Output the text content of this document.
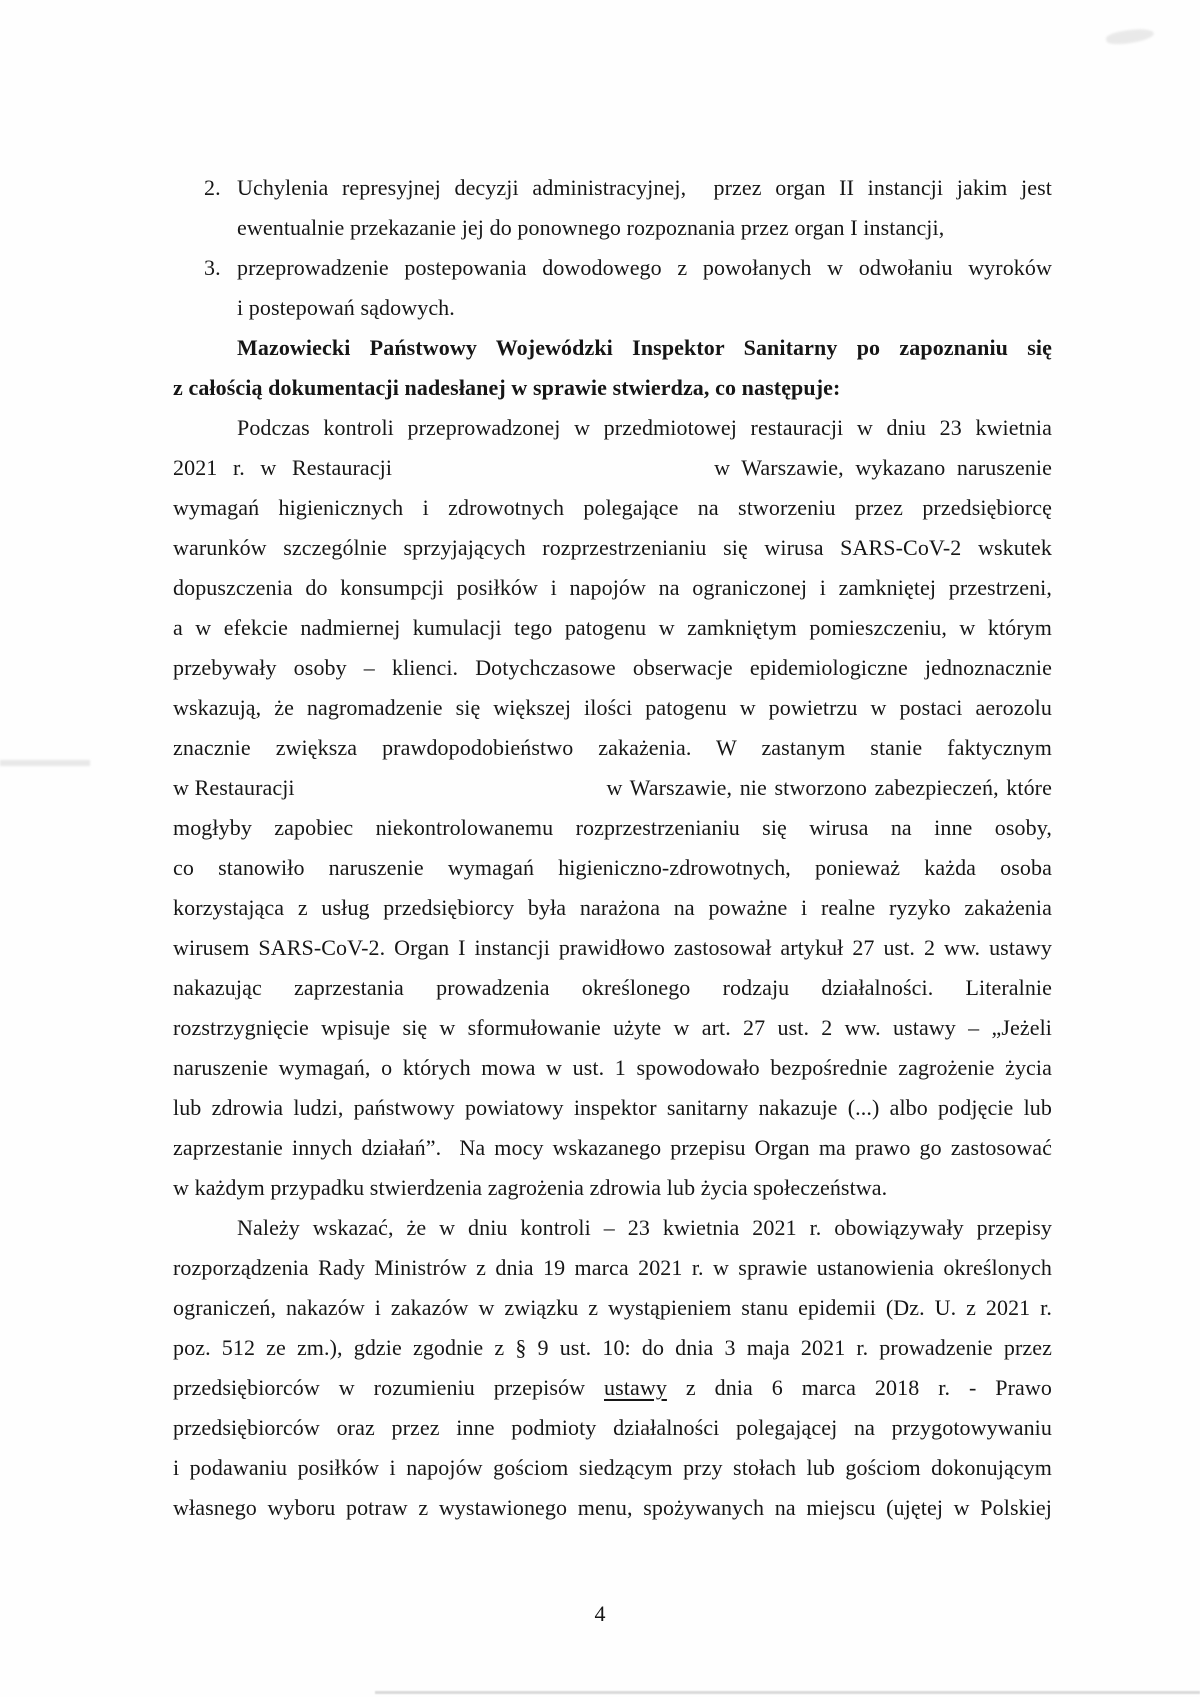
2. Uchylenia represyjnej decyzji administracyjnej,  przez organ II instancji jakim jest
ewentualnie przekazanie jej do ponownego rozpoznania przez organ I instancji,
3. przeprowadzenie postepowania dowodowego z powołanych w odwołaniu wyroków
i postepowań sądowych.
Mazowiecki Państwowy Wojewódzki Inspektor Sanitarny po zapoznaniu się
z całością dokumentacji nadesłanej w sprawie stwierdza, co następuje:
Podczas kontroli przeprowadzonej w przedmiotowej restauracji w dniu 23 kwietnia
2021 r. w Restauracji	w Warszawie, wykazano naruszenie
wymagań higienicznych i zdrowotnych polegające na stworzeniu przez przedsiębiorcę
warunków szczególnie sprzyjających rozprzestrzenianiu się wirusa SARS-CoV-2 wskutek
dopuszczenia do konsumpcji posiłków i napojów na ograniczonej i zamkniętej przestrzeni,
a w efekcie nadmiernej kumulacji tego patogenu w zamkniętym pomieszczeniu, w którym
przebywały osoby – klienci. Dotychczasowe obserwacje epidemiologiczne jednoznacznie
wskazują, że nagromadzenie się większej ilości patogenu w powietrzu w postaci aerozolu
znacznie zwiększa prawdopodobieństwo zakażenia. W zastanym stanie faktycznym
w Restauracji	w Warszawie, nie stworzono zabezpieczeń, które
mogłyby zapobiec niekontrolowanemu rozprzestrzenianiu się wirusa na inne osoby,
co stanowiło naruszenie wymagań higieniczno-zdrowotnych, ponieważ każda osoba
korzystająca z usług przedsiębiorcy była narażona na poważne i realne ryzyko zakażenia
wirusem SARS-CoV-2. Organ I instancji prawidłowo zastosował artykuł 27 ust. 2 ww. ustawy
nakazując zaprzestania prowadzenia określonego rodzaju działalności. Literalnie
rozstrzygnięcie wpisuje się w sformułowanie użyte w art. 27 ust. 2 ww. ustawy – „Jeżeli
naruszenie wymagań, o których mowa w ust. 1 spowodowało bezpośrednie zagrożenie życia
lub zdrowia ludzi, państwowy powiatowy inspektor sanitarny nakazuje (...) albo podjęcie lub
zaprzestanie innych działań”.  Na mocy wskazanego przepisu Organ ma prawo go zastosować
w każdym przypadku stwierdzenia zagrożenia zdrowia lub życia społeczeństwa.
Należy wskazać, że w dniu kontroli – 23 kwietnia 2021 r. obowiązywały przepisy
rozporządzenia Rady Ministrów z dnia 19 marca 2021 r. w sprawie ustanowienia określonych
ograniczeń, nakazów i zakazów w związku z wystąpieniem stanu epidemii (Dz. U. z 2021 r.
poz. 512 ze zm.), gdzie zgodnie z § 9 ust. 10: do dnia 3 maja 2021 r. prowadzenie przez
przedsiębiorców w rozumieniu przepisów ustawy z dnia 6 marca 2018 r. - Prawo
przedsiębiorców oraz przez inne podmioty działalności polegającej na przygotowywaniu
i podawaniu posiłków i napojów gościom siedzącym przy stołach lub gościom dokonującym
własnego wyboru potraw z wystawionego menu, spożywanych na miejscu (ujętej w Polskiej
4
